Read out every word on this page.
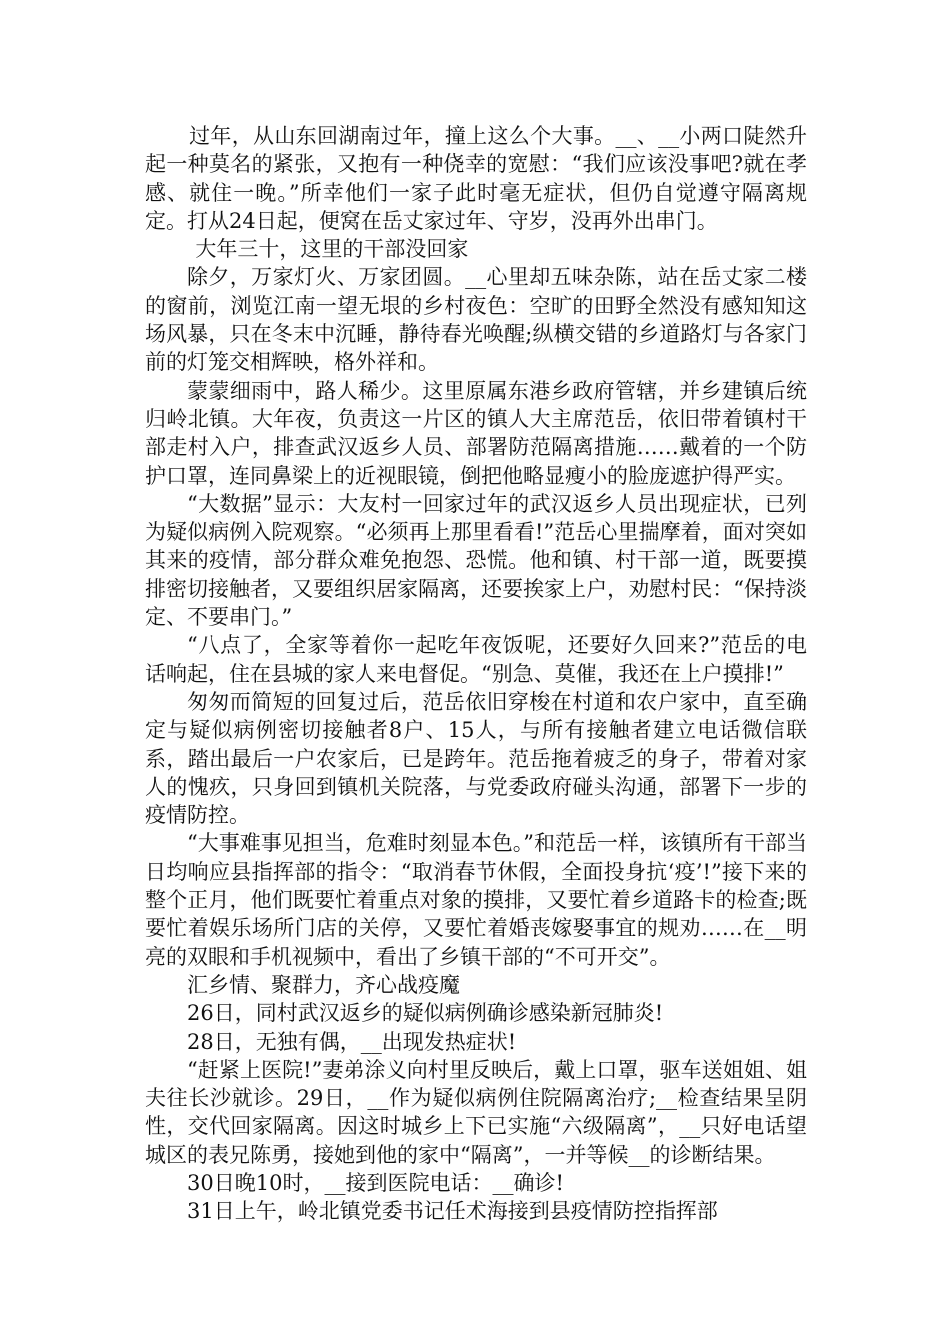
过年，从山东回湖南过年，撞上这么个大事。__、__小两口陡然升起一种莫名的紧张，又抱有一种侥幸的宽慰：“我们应该没事吧?就在孝感、就住一晚。”所幸他们一家子此时毫无症状，但仍自觉遵守隔离规定。打从24日起，便窝在岳丈家过年、守岁，没再外出串门。

大年三十，这里的干部没回家

除夕，万家灯火、万家团圆。__心里却五味杂陈，站在岳丈家二楼的窗前，浏览江南一望无垠的乡村夜色：空旷的田野全然没有感知知这场风暴，只在冬末中沉睡，静待春光唤醒;纵横交错的乡道路灯与各家门前的灯笼交相辉映，格外祥和。

蒙蒙细雨中，路人稀少。这里原属东港乡政府管辖，并乡建镇后统归岭北镇。大年夜，负责这一片区的镇人大主席范岳，依旧带着镇村干部走村入户，排查武汉返乡人员、部署防范隔离措施……戴着的一个防护口罩，连同鼻梁上的近视眼镜，倒把他略显瘦小的脸庞遮护得严实。

“大数据”显示：大友村一回家过年的武汉返乡人员出现症状，已列为疑似病例入院观察。“必须再上那里看看!”范岳心里揣摩着，面对突如其来的疫情，部分群众难免抱怨、恐慌。他和镇、村干部一道，既要摸排密切接触者，又要组织居家隔离，还要挨家上户，劝慰村民：“保持淡定、不要串门。”

“八点了，全家等着你一起吃年夜饭呢，还要好久回来?”范岳的电话响起，住在县城的家人来电督促。“别急、莫催，我还在上户摸排!”

匆匆而简短的回复过后，范岳依旧穿梭在村道和农户家中，直至确定与疑似病例密切接触者8户、15人，与所有接触者建立电话微信联系，踏出最后一户农家后，已是跨年。范岳拖着疲乏的身子，带着对家人的愧疚，只身回到镇机关院落，与党委政府碰头沟通，部署下一步的疫情防控。

“大事难事见担当，危难时刻显本色。”和范岳一样，该镇所有干部当日均响应县指挥部的指令：“取消春节休假，全面投身抗‘疫’!”接下来的整个正月，他们既要忙着重点对象的摸排，又要忙着乡道路卡的检查;既要忙着娱乐场所门店的关停，又要忙着婚丧嫁娶事宜的规劝……在__明亮的双眼和手机视频中，看出了乡镇干部的“不可开交”。

汇乡情、聚群力，齐心战疫魔

26日，同村武汉返乡的疑似病例确诊感染新冠肺炎!

28日，无独有偶，__出现发热症状!

“赶紧上医院!”妻弟涂义向村里反映后，戴上口罩，驱车送姐姐、姐夫往长沙就诊。29日，__作为疑似病例住院隔离治疗;__检查结果呈阴性，交代回家隔离。因这时城乡上下已实施“六级隔离”，__只好电话望城区的表兄陈勇，接她到他的家中“隔离”，一并等候__的诊断结果。

30日晚10时，__接到医院电话：__确诊!

31日上午，岭北镇党委书记任术海接到县疫情防控指挥部
